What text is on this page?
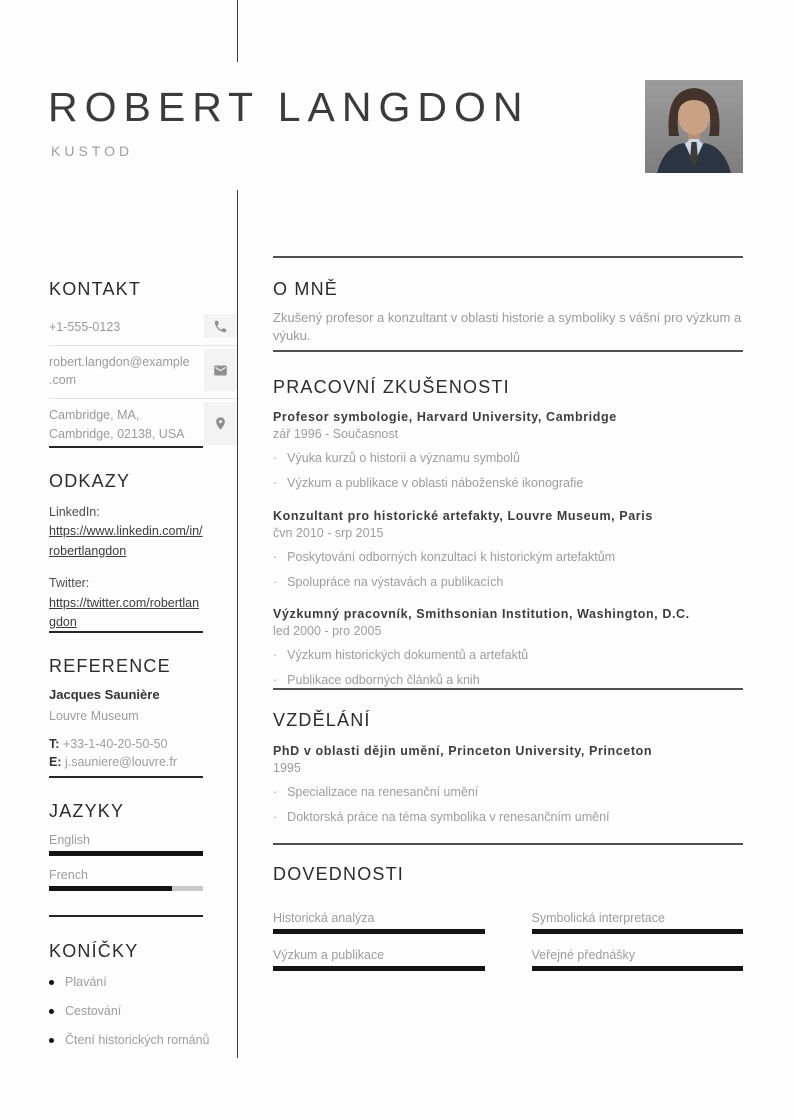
ROBERT LANGDON
KUSTOD
KONTAKT
ODKAZY
REFERENCE
JAZYKY
KONÍČKY
+1-555-0123
robert.langdon@example.com
Cambridge, MA, Cambridge, 02138, USA
LinkedIn:
https://www.linkedin.com/in/robertlangdon
Twitter:
https://twitter.com/robertlangdon
Jacques Saunière
Louvre Museum
T: +33-1-40-20-50-50
E: j.sauniere@louvre.fr
English
French
Plavání
Cestování
Čtení historických románů
O MNĚ
PRACOVNÍ ZKUŠENOSTI
VZDĚLÁNÍ
DOVEDNOSTI
Zkušený profesor a konzultant v oblasti historie a symboliky s vášní pro výzkum a výuku.
Profesor symbologie, Harvard University, Cambridge
zář 1996 - Současnost
· Výuka kurzů o historii a významu symbolů
· Výzkum a publikace v oblasti náboženské ikonografie
Konzultant pro historické artefakty, Louvre Museum, Paris
čvn 2010 - srp 2015
· Poskytování odborných konzultací k historickým artefaktům
· Spolupráce na výstavách a publikacích
Výzkumný pracovník, Smithsonian Institution, Washington, D.C.
led 2000 - pro 2005
· Výzkum historických dokumentů a artefaktů
· Publikace odborných článků a knih
PhD v oblasti dějin umění, Princeton University, Princeton
1995
· Specializace na renesanční umění
· Doktorská práce na téma symbolika v renesančním umění
Historická analýza	Symbolická interpretace
Výzkum a publikace	Veřejné přednášky
